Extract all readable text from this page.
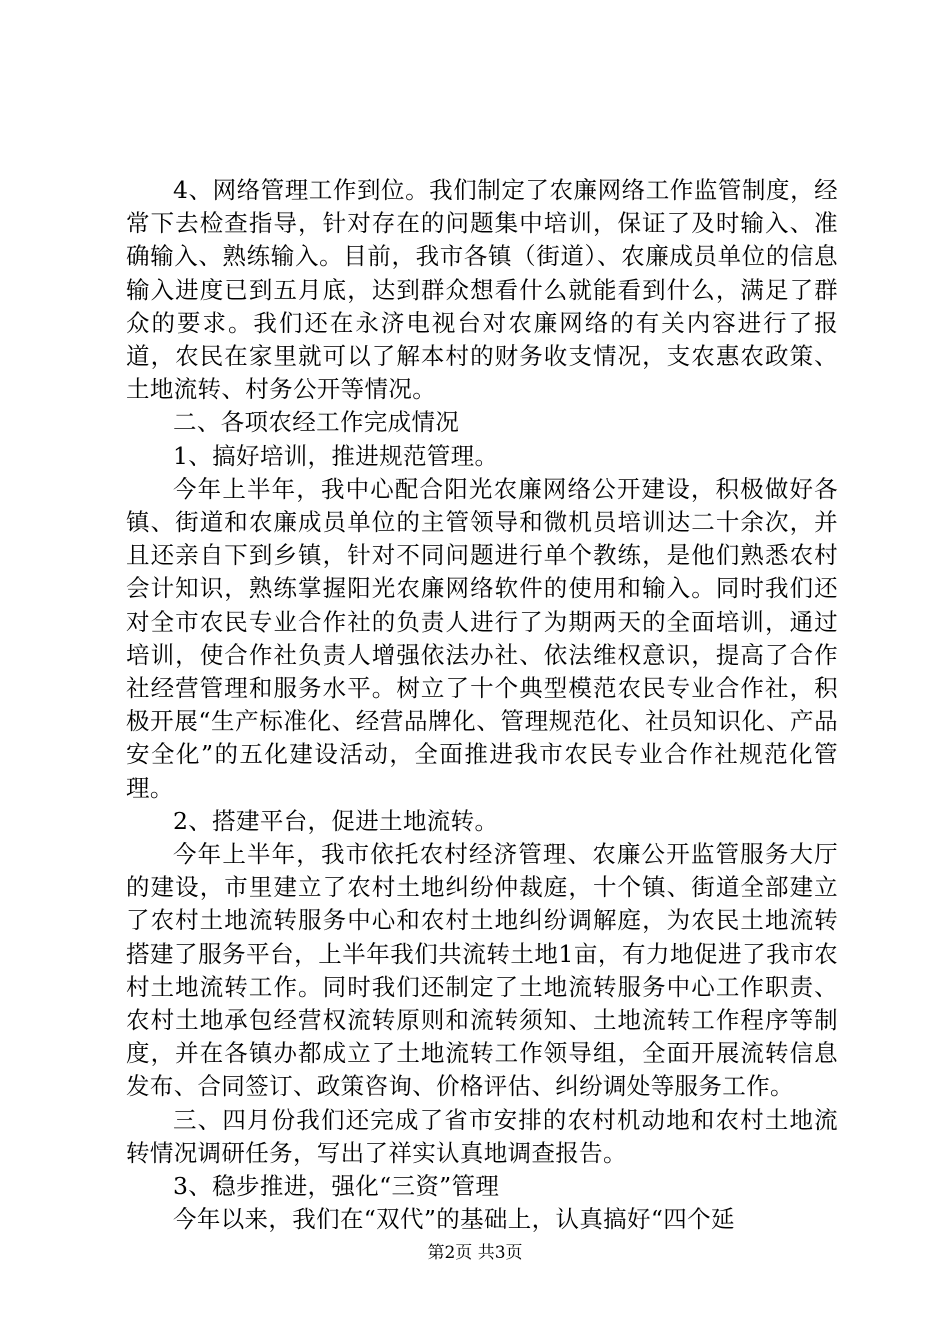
4、网络管理工作到位。我们制定了农廉网络工作监管制度，经常下去检查指导，针对存在的问题集中培训，保证了及时输入、准确输入、熟练输入。目前，我市各镇（街道）、农廉成员单位的信息输入进度已到五月底，达到群众想看什么就能看到什么，满足了群众的要求。我们还在永济电视台对农廉网络的有关内容进行了报道，农民在家里就可以了解本村的财务收支情况，支农惠农政策、土地流转、村务公开等情况。

二、各项农经工作完成情况

1、搞好培训，推进规范管理。

今年上半年，我中心配合阳光农廉网络公开建设，积极做好各镇、街道和农廉成员单位的主管领导和微机员培训达二十余次，并且还亲自下到乡镇，针对不同问题进行单个教练，是他们熟悉农村会计知识，熟练掌握阳光农廉网络软件的使用和输入。同时我们还对全市农民专业合作社的负责人进行了为期两天的全面培训，通过培训，使合作社负责人增强依法办社、依法维权意识，提高了合作社经营管理和服务水平。树立了十个典型模范农民专业合作社，积极开展“生产标准化、经营品牌化、管理规范化、社员知识化、产品安全化”的五化建设活动，全面推进我市农民专业合作社规范化管理。

2、搭建平台，促进土地流转。

今年上半年，我市依托农村经济管理、农廉公开监管服务大厅的建设，市里建立了农村土地纠纷仲裁庭，十个镇、街道全部建立了农村土地流转服务中心和农村土地纠纷调解庭，为农民土地流转搭建了服务平台，上半年我们共流转土地1亩，有力地促进了我市农村土地流转工作。同时我们还制定了土地流转服务中心工作职责、农村土地承包经营权流转原则和流转须知、土地流转工作程序等制度，并在各镇办都成立了土地流转工作领导组，全面开展流转信息发布、合同签订、政策咨询、价格评估、纠纷调处等服务工作。

三、四月份我们还完成了省市安排的农村机动地和农村土地流转情况调研任务，写出了祥实认真地调查报告。

3、稳步推进，强化“三资”管理

今年以来，我们在“双代”的基础上，认真搞好“四个延

第2页 共3页
